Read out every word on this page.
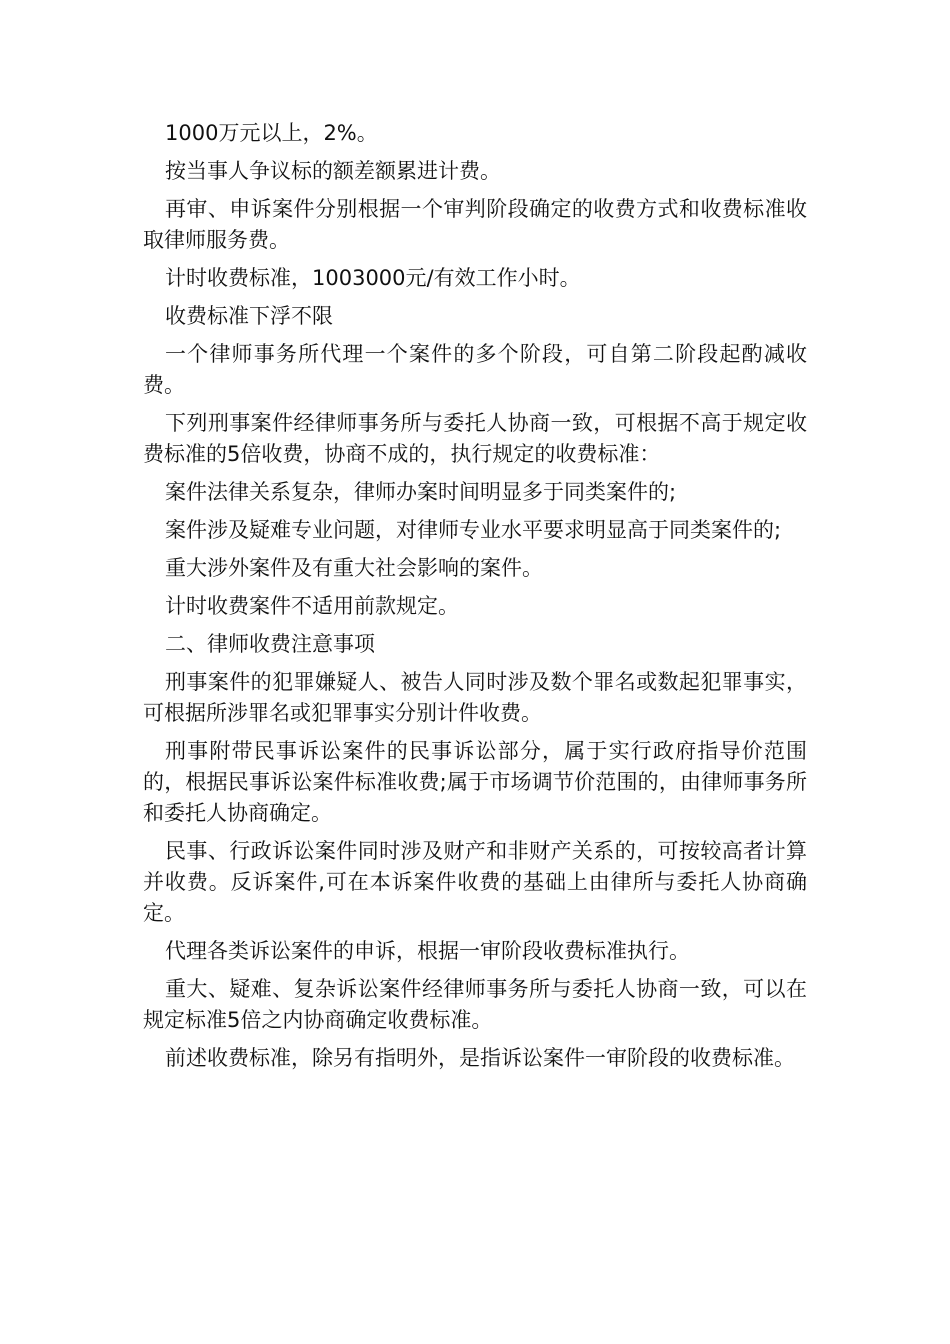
1000万元以上，2%。

按当事人争议标的额差额累进计费。

再审、申诉案件分别根据一个审判阶段确定的收费方式和收费标准收取律师服务费。

计时收费标准，1003000元/有效工作小时。

收费标准下浮不限

一个律师事务所代理一个案件的多个阶段，可自第二阶段起酌减收费。

下列刑事案件经律师事务所与委托人协商一致，可根据不高于规定收费标准的5倍收费，协商不成的，执行规定的收费标准：

案件法律关系复杂，律师办案时间明显多于同类案件的;

案件涉及疑难专业问题，对律师专业水平要求明显高于同类案件的;

重大涉外案件及有重大社会影响的案件。

计时收费案件不适用前款规定。

二、律师收费注意事项

刑事案件的犯罪嫌疑人、被告人同时涉及数个罪名或数起犯罪事实，可根据所涉罪名或犯罪事实分别计件收费。

刑事附带民事诉讼案件的民事诉讼部分，属于实行政府指导价范围的，根据民事诉讼案件标准收费;属于市场调节价范围的，由律师事务所和委托人协商确定。

民事、行政诉讼案件同时涉及财产和非财产关系的，可按较高者计算并收费。反诉案件,可在本诉案件收费的基础上由律所与委托人协商确定。

代理各类诉讼案件的申诉，根据一审阶段收费标准执行。

重大、疑难、复杂诉讼案件经律师事务所与委托人协商一致，可以在规定标准5倍之内协商确定收费标准。

前述收费标准，除另有指明外，是指诉讼案件一审阶段的收费标准。
